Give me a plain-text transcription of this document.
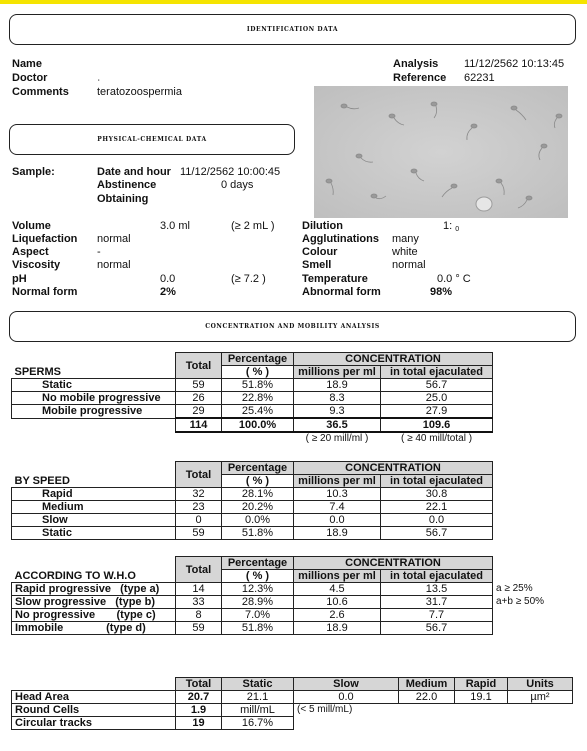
IDENTIFICATION DATA
Name
Doctor	ˌ
Comments	teratozoospermia
Analysis 11/12/2562 10:13:45
Reference 62231
PHYSICAL-CHEMICAL DATA
Sample:	Date and hour 11/12/2562 10:00:45
Abstinence	0 days
Obtaining
Volume	3.0 ml	(≥ 2 mL )
Liquefaction normal
Aspect	-
Viscosity	normal
pH	0.0	(≥ 7.2 )
Normal form	2%
Dilution	1: 0
Agglutinations many
Colour	white
Smell	normal
Temperature	0.0 ° C
Abnormal form	98%
CONCENTRATION AND MOBILITY ANALYSIS
	Total	Percentage	CONCENTRATION	
SPERMS		( % )	millions per ml	in total ejaculated
Static	59	51.8%	18.9	56.7
No mobile progressive	26	22.8%	8.3	25.0
Mobile progressive	29	25.4%	9.3	27.9
	114	100.0%	36.5	109.6
			( ≥ 20 mill/ml )	( ≥ 40 mill/total )
	Total	Percentage	CONCENTRATION	
BY SPEED		( % )	millions per ml	in total ejaculated
Rapid	32	28.1%	10.3	30.8
Medium	23	20.2%	7.4	22.1
Slow	0	0.0%	0.0	0.0
Static	59	51.8%	18.9	56.7
	Total	Percentage	CONCENTRATION		
ACCORDING TO W.H.O		( % )	millions per ml	in total ejaculated	
Rapid progressive (type a)	14	12.3%	4.5	13.5	a ≥ 25%
Slow progressive (type b)	33	28.9%	10.6	31.7	a+b ≥ 50%
No progressive (type c)	8	7.0%	2.6	7.7	
Immobile (type d)	59	51.8%	18.9	56.7	
	Total	Static	Slow	Medium	Rapid	Units
Head Area	20.7	21.1	0.0	22.0	19.1	µm²
Round Cells	1.9	mill/mL	(< 5 mill/mL)			
Circular tracks	19	16.7%				
